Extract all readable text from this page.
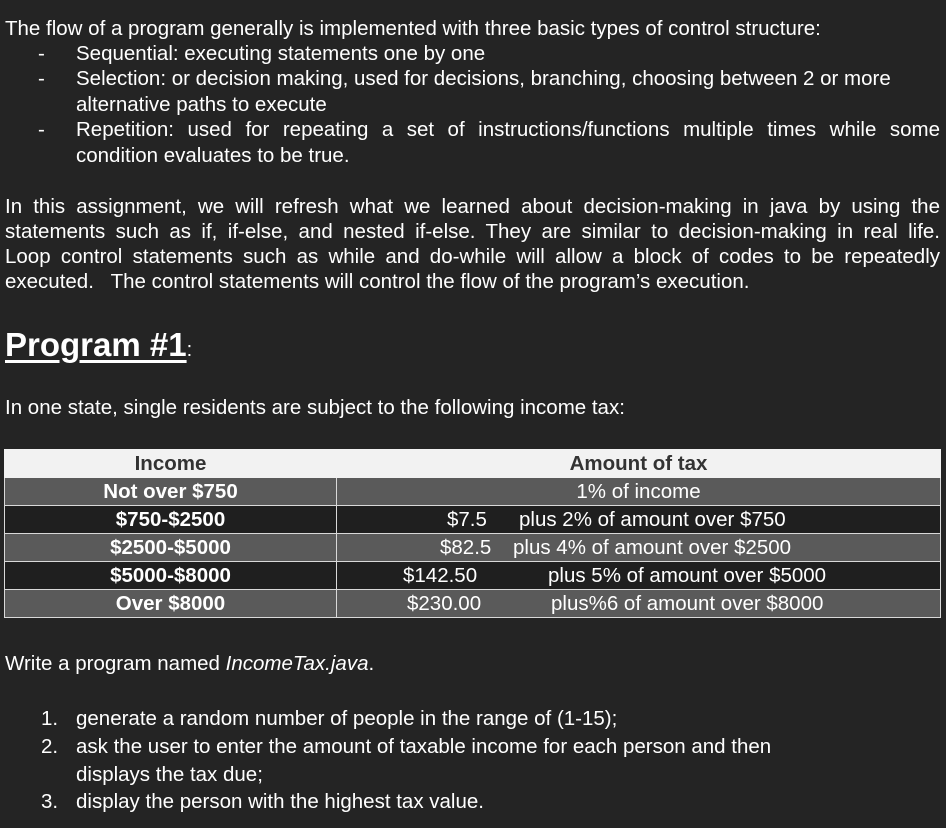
The flow of a program generally is implemented with three basic types of control structure:
- Sequential: executing statements one by one
- Selection: or decision making, used for decisions, branching, choosing between 2 or more
alternative paths to execute
- Repetition: used for repeating a set of instructions/functions multiple times while some
condition evaluates to be true.
In this assignment, we will refresh what we learned about decision-making in java by using the
statements such as if, if-else, and nested if-else. They are similar to decision-making in real life.
Loop control statements such as while and do-while will allow a block of codes to be repeatedly
executed.   The control statements will control the flow of the program’s execution.
Program #1:
In one state, single residents are subject to the following income tax:
Income	Amount of tax
Not over $750	1% of income
$750-$2500	$7.5 plus 2% of amount over $750

$2500-$5000	$82.5 plus 4% of amount over $2500

$5000-$8000	$142.50 plus 5% of amount over $5000

Over $8000	$230.00 plus%6 of amount over $8000
Write a program named IncomeTax.java.
1. generate a random number of people in the range of (1-15);
2. ask the user to enter the amount of taxable income for each person and then
displays the tax due;
3. display the person with the highest tax value.
